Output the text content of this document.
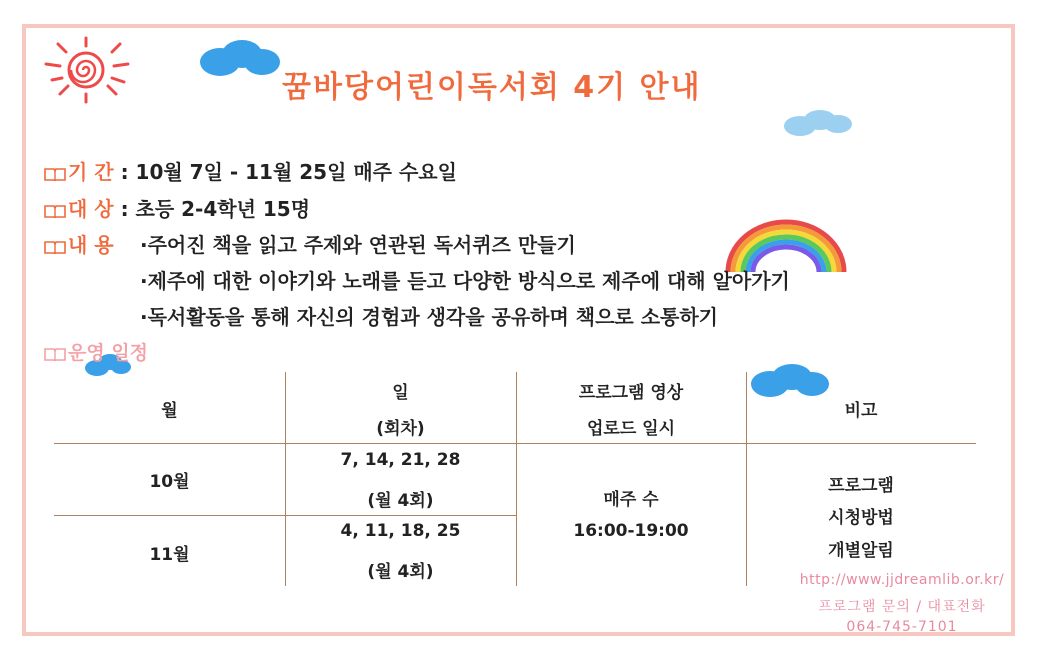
꿈바당어린이독서회 4기 안내
기 간 : 10월 7일 - 11월 25일 매주 수요일
대 상 : 초등 2-4학년 15명
내 용 ·주어진 책을 읽고 주제와 연관된 독서퀴즈 만들기
·제주에 대한 이야기와 노래를 듣고 다양한 방식으로 제주에 대해 알아가기
·독서활동을 통해 자신의 경험과 생각을 공유하며 책으로 소통하기
운영 일정
월
일
(회차)
프로그램 영상
업로드 일시
비고
10월
7, 14, 21, 28
(월 4회)
11월
4, 11, 18, 25
(월 4회)
매주 수
16:00-19:00
프로그램
시청방법
개별알림
http://www.jjdreamlib.or.kr/
프로그램 문의 / 대표전화
064-745-7101
